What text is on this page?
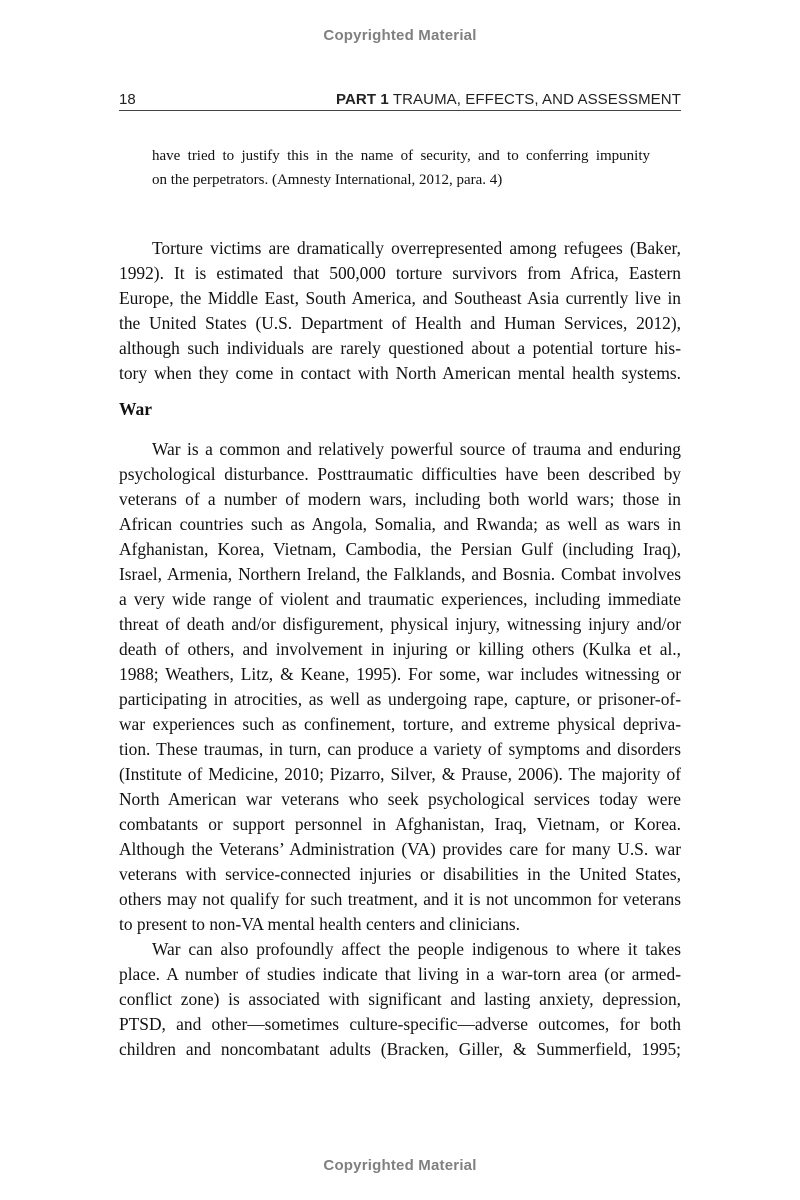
Copyrighted Material
18	PART 1 TRAUMA, EFFECTS, AND ASSESSMENT
have tried to justify this in the name of security, and to conferring impunity
on the perpetrators. (Amnesty International, 2012, para. 4)
Torture victims are dramatically overrepresented among refugees (Baker,
1992). It is estimated that 500,000 torture survivors from Africa, Eastern
Europe, the Middle East, South America, and Southeast Asia currently live in
the United States (U.S. Department of Health and Human Services, 2012),
although such individuals are rarely questioned about a potential torture his-
tory when they come in contact with North American mental health systems.
War
War is a common and relatively powerful source of trauma and enduring
psychological disturbance. Posttraumatic difficulties have been described by
veterans of a number of modern wars, including both world wars; those in
African countries such as Angola, Somalia, and Rwanda; as well as wars in
Afghanistan, Korea, Vietnam, Cambodia, the Persian Gulf (including Iraq),
Israel, Armenia, Northern Ireland, the Falklands, and Bosnia. Combat involves
a very wide range of violent and traumatic experiences, including immediate
threat of death and/or disfigurement, physical injury, witnessing injury and/or
death of others, and involvement in injuring or killing others (Kulka et al.,
1988; Weathers, Litz, & Keane, 1995). For some, war includes witnessing or
participating in atrocities, as well as undergoing rape, capture, or prisoner-of-
war experiences such as confinement, torture, and extreme physical depriva-
tion. These traumas, in turn, can produce a variety of symptoms and disorders
(Institute of Medicine, 2010; Pizarro, Silver, & Prause, 2006). The majority of
North American war veterans who seek psychological services today were
combatants or support personnel in Afghanistan, Iraq, Vietnam, or Korea.
Although the Veterans’ Administration (VA) provides care for many U.S. war
veterans with service-connected injuries or disabilities in the United States,
others may not qualify for such treatment, and it is not uncommon for veterans
to present to non-VA mental health centers and clinicians.
War can also profoundly affect the people indigenous to where it takes
place. A number of studies indicate that living in a war-torn area (or armed-
conflict zone) is associated with significant and lasting anxiety, depression,
PTSD, and other—sometimes culture-specific—adverse outcomes, for both
children and noncombatant adults (Bracken, Giller, & Summerfield, 1995;
Copyrighted Material
